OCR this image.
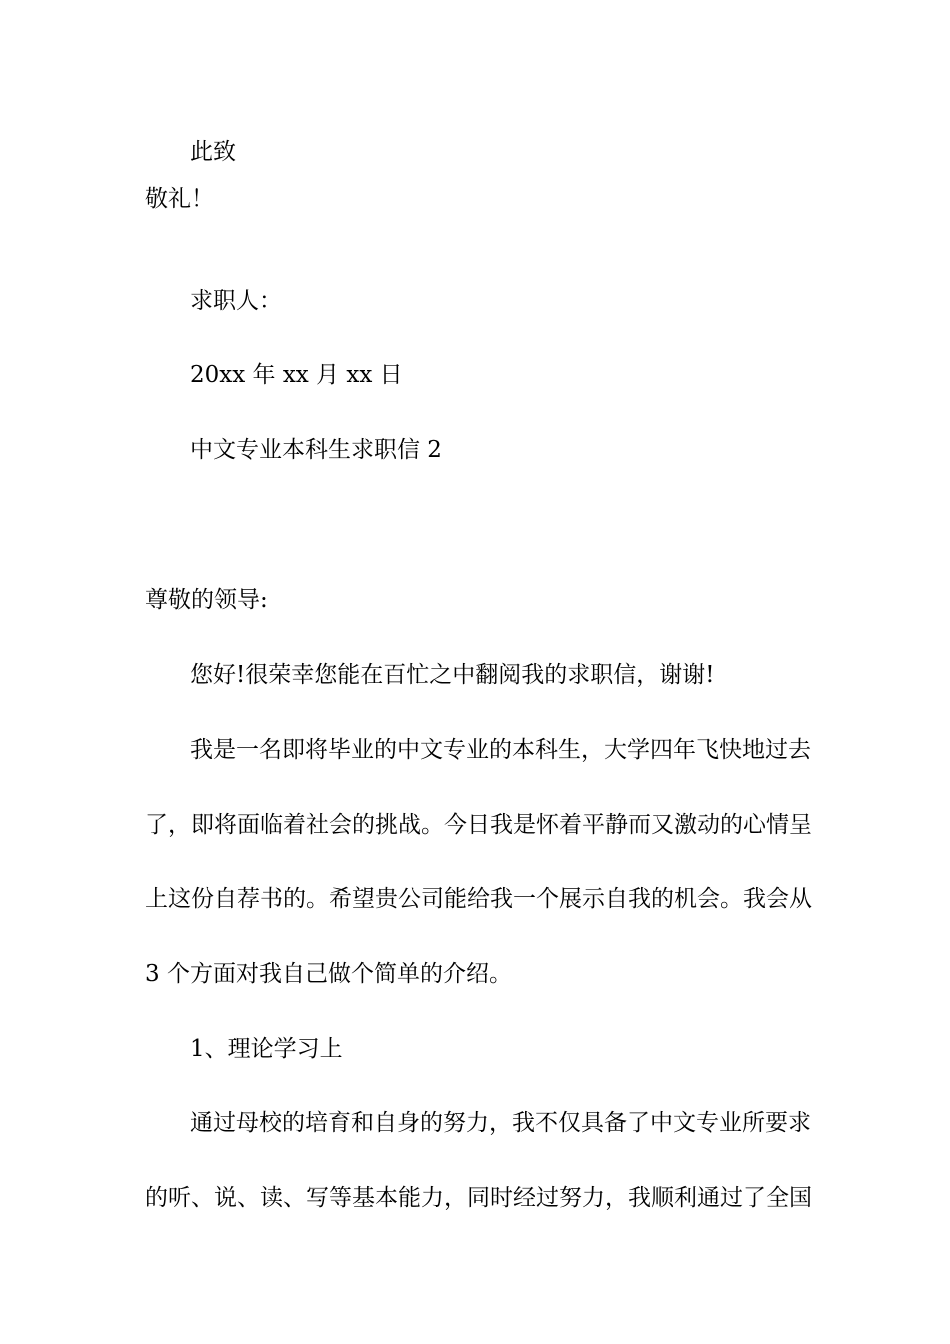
此致
敬礼！
求职人：
20xx 年 xx 月 xx 日
中文专业本科生求职信 2
尊敬的领导:
您好!很荣幸您能在百忙之中翻阅我的求职信，谢谢!
我是一名即将毕业的中文专业的本科生，大学四年飞快地过去
了，即将面临着社会的挑战。今日我是怀着平静而又激动的心情呈
上这份自荐书的。希望贵公司能给我一个展示自我的机会。我会从
3 个方面对我自己做个简单的介绍。
1、理论学习上
通过母校的培育和自身的努力，我不仅具备了中文专业所要求
的听、说、读、写等基本能力，同时经过努力，我顺利通过了全国
